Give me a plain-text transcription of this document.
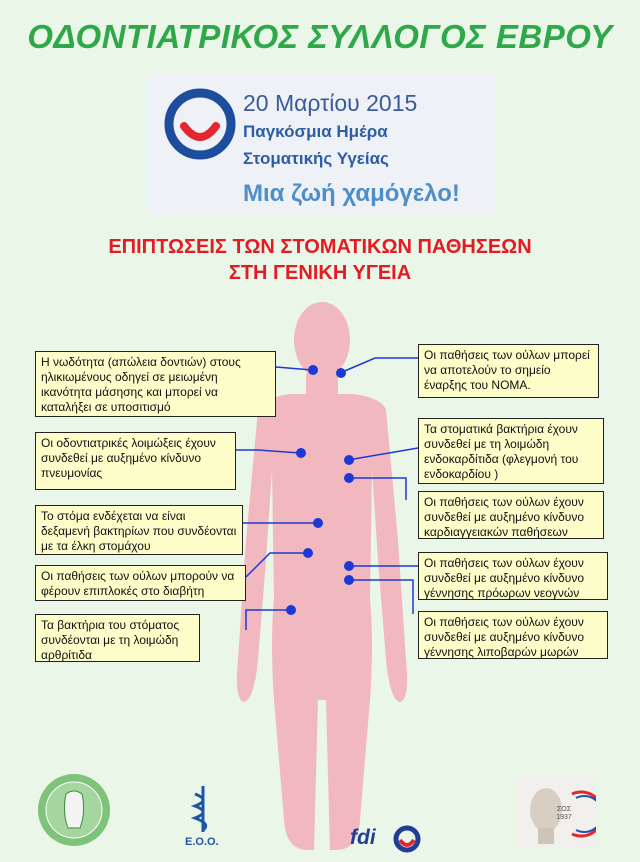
ΟΔΟΝΤΙΑΤΡΙΚΟΣ ΣΥΛΛΟΓΟΣ ΕΒΡΟΥ
20 Μαρτίου 2015
Παγκόσμια Ημέρα
Στοματικής Υγείας
Μια ζωή χαμόγελο!
ΕΠΙΠΤΩΣΕΙΣ ΤΩΝ ΣΤΟΜΑΤΙΚΩΝ ΠΑΘΗΣΕΩΝ
ΣΤΗ ΓΕΝΙΚΗ ΥΓΕΙΑ
Η νωδότητα (απώλεια δοντιών) στους ηλικιωμένους οδηγεί σε μειωμένη ικανότητα μάσησης και μπορεί να καταλήξει σε υποσιτισμό
Οι οδοντιατρικές λοιμώξεις έχουν συνδεθεί με αυξημένο κίνδυνο πνευμονίας
Το στόμα ενδέχεται να είναι δεξαμενή βακτηρίων που συνδέονται με τα έλκη στομάχου
Οι παθήσεις των ούλων μπορούν να φέρουν επιπλοκές στο διαβήτη
Τα βακτήρια του στόματος συνδέονται με τη λοιμώδη αρθρίτιδα
Οι παθήσεις των ούλων μπορεί να αποτελούν το σημείο έναρξης του NOMA.
Τα στοματικά βακτήρια έχουν συνδεθεί με τη λοιμώδη ενδοκαρδίτιδα (φλεγμονή του ενδοκαρδίου )
Οι παθήσεις των ούλων έχουν συνδεθεί με αυξημένο κίνδυνο καρδιαγγειακών παθήσεων
Οι παθήσεις των ούλων έχουν συνδεθεί με αυξημένο κίνδυνο γέννησης πρόωρων νεογνών
Οι παθήσεις των ούλων έχουν συνδεθεί με αυξημένο κίνδυνο γέννησης λιποβαρών μωρών
Ε.Ο.Ο.	fdi
ΣΟΣ 1937
